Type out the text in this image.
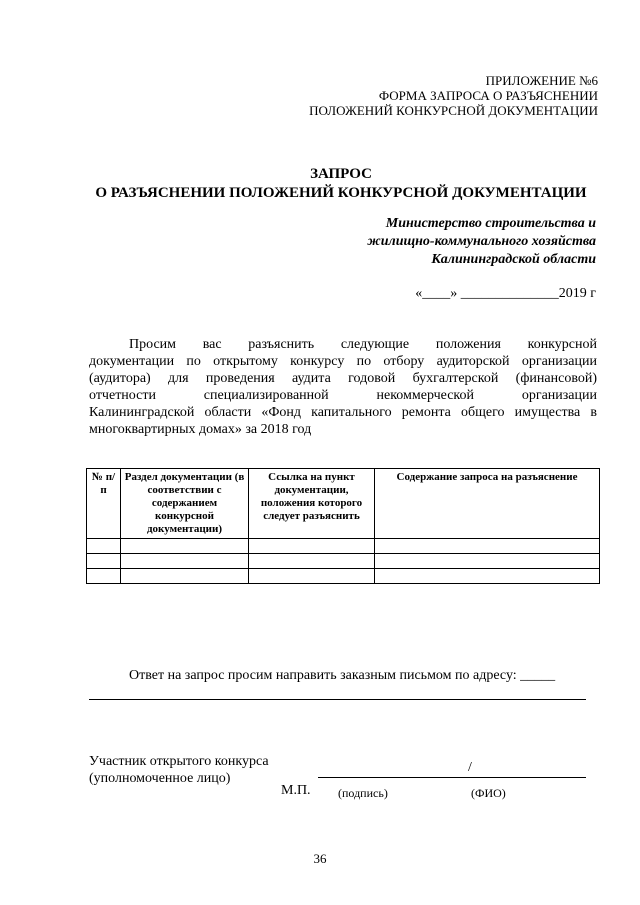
ПРИЛОЖЕНИЕ №6
ФОРМА ЗАПРОСА О РАЗЪЯСНЕНИИ
ПОЛОЖЕНИЙ КОНКУРСНОЙ ДОКУМЕНТАЦИИ
ЗАПРОС
О РАЗЪЯСНЕНИИ ПОЛОЖЕНИЙ КОНКУРСНОЙ ДОКУМЕНТАЦИИ
Министерство строительства и
жилищно-коммунального хозяйства
Калининградской области
«____» ______________2019 г
Просим вас разъяснить следующие положения конкурсной
документации по открытому конкурсу по отбору аудиторской организации
(аудитора) для проведения аудита годовой бухгалтерской (финансовой)
отчетности специализированной некоммерческой организации
Калининградской области «Фонд капитального ремонта общего имущества в
многоквартирных домах» за 2018 год
№ п/п	Раздел документации (в соответствии с содержанием конкурсной документации)	Ссылка на пункт документации, положения которого следует разъяснить	Содержание запроса на разъяснение

Ответ на запрос просим направить заказным письмом по адресу: _____
Участник открытого конкурса
(уполномоченное лицо)
/
М.П. (подпись)	(ФИО)
36
